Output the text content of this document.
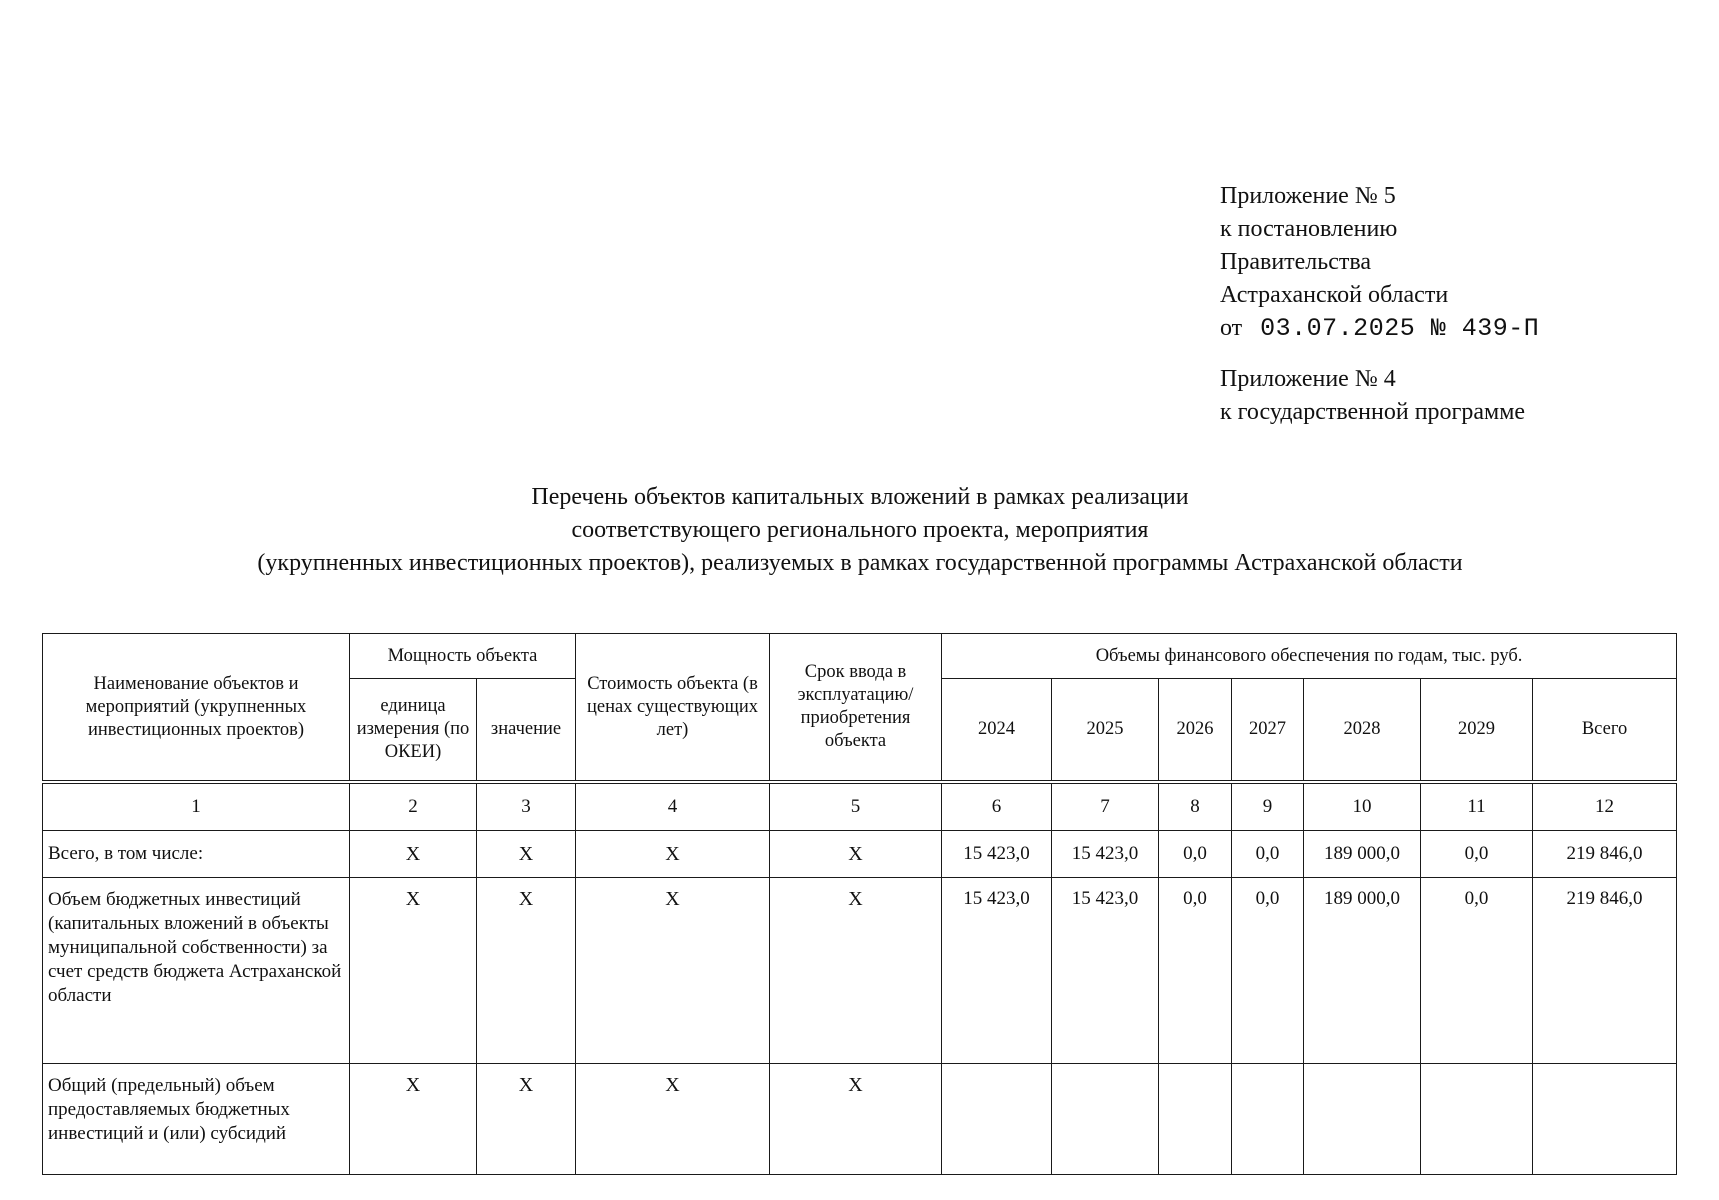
Приложение № 5
к постановлению
Правительства
Астраханской области
от 03.07.2025 № 439-П
Приложение № 4
к государственной программе
Перечень объектов капитальных вложений в рамках реализации
соответствующего регионального проекта, мероприятия
(укрупненных инвестиционных проектов), реализуемых в рамках государственной программы Астраханской области
Наименование объектов и мероприятий (укрупненных инвестиционных проектов)	Мощность объекта		Стоимость объекта (в ценах существующих лет)	Срок ввода в эксплуатацию/ приобретения объекта	Объемы финансового обеспечения по годам, тыс. руб.						
	единица измерения (по ОКЕИ)	значение			2024	2025	2026	2027	2028	2029	Всего
1	2	3	4	5	6	7	8	9	10	11	12
Всего, в том числе:	Х	Х	Х	Х	15 423,0	15 423,0	0,0	0,0	189 000,0	0,0	219 846,0
Объем бюджетных инвестиций (капитальных вложений в объекты муниципальной собственности) за счет средств бюджета Астраханской области	Х	Х	Х	Х	15 423,0	15 423,0	0,0	0,0	189 000,0	0,0	219 846,0
Общий (предельный) объем предоставляемых бюджетных инвестиций и (или) субсидий	Х	Х	Х	Х							
